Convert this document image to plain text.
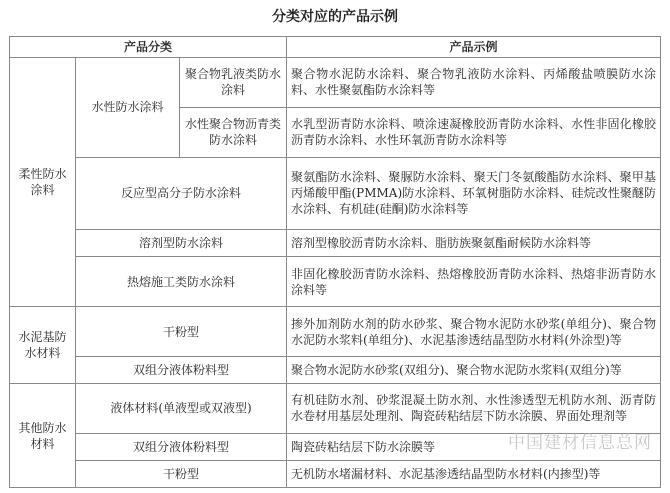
分类对应的产品示例
产品分类			产品示例
柔性防水涂料	水性防水涂料	聚合物乳液类防水涂料	聚合物水泥防水涂料、聚合物乳液防水涂料、丙烯酸盐喷膜防水涂料、水性聚氨酯防水涂料等
		水性聚合物沥青类防水涂料	水乳型沥青防水涂料、喷涂速凝橡胶沥青防水涂料、水性非固化橡胶沥青防水涂料、水性环氧沥青防水涂料等
	反应型高分子防水涂料		聚氨酯防水涂料、聚脲防水涂料、聚天门冬氨酸酯防水涂料、聚甲基丙烯酸甲酯(PMMA)防水涂料、环氧树脂防水涂料、硅烷改性聚醚防水涂料、有机硅(硅酮)防水涂料等
	溶剂型防水涂料		溶剂型橡胶沥青防水涂料、脂肪族聚氨酯耐候防水涂料等
	热熔施工类防水涂料		非固化橡胶沥青防水涂料、热熔橡胶沥青防水涂料、热熔非沥青防水涂料等
水泥基防水材料	干粉型		掺外加剂防水剂的防水砂浆、聚合物水泥防水砂浆(单组分)、聚合物水泥防水浆料(单组分)、水泥基渗透结晶型防水材料(外涂型)等
	双组分液体粉料型		聚合物水泥防水砂浆(双组分)、聚合物水泥防水浆料(双组分)等
其他防水材料	液体材料(单液型或双液型)		有机硅防水剂、砂浆混凝土防水剂、水性渗透型无机防水剂、沥青防水卷材用基层处理剂、陶瓷砖粘结层下防水涂膜、界面处理剂等
	双组分液体粉料型		陶瓷砖粘结层下防水涂膜等
	干粉型		无机防水堵漏材料、水泥基渗透结晶型防水材料(内掺型)等
中国建材信息总网
